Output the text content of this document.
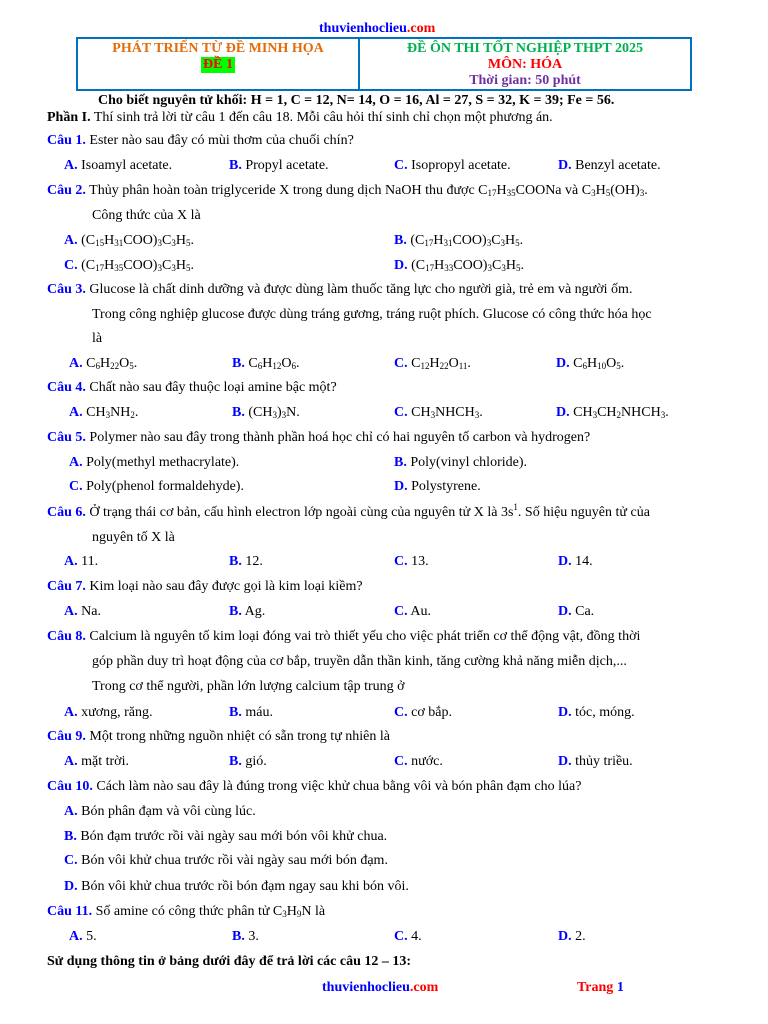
thuvienhoclieu.com
PHÁT TRIỂN TỪ ĐỀ MINH HỌA
ĐỀ 1
ĐỀ ÔN THI TỐT NGHIỆP THPT 2025
MÔN: HÓA
Thời gian: 50 phút
Cho biết nguyên tử khối: H = 1, C = 12, N= 14, O = 16, Al = 27, S = 32, K = 39; Fe = 56.
Phần I. Thí sinh trả lời từ câu 1 đến câu 18. Mỗi câu hỏi thí sinh chỉ chọn một phương án.
Câu 1. Ester nào sau đây có mùi thơm của chuối chín?
A. Isoamyl acetate.	B. Propyl acetate.	C. Isopropyl acetate.	D. Benzyl acetate.
Câu 2. Thủy phân hoàn toàn triglyceride X trong dung dịch NaOH thu được $C_{17}H_{35}COONa$ và $C_3H_5(OH)_3$.
Công thức của X là
A. $(C_{15}H_{31}COO)_3C_3H_5$.	B. $(C_{17}H_{31}COO)_3C_3H_5$.
C. $(C_{17}H_{35}COO)_3C_3H_5$.	D. $(C_{17}H_{33}COO)_3C_3H_5$.
Câu 3. Glucose là chất dinh dưỡng và được dùng làm thuốc tăng lực cho người già, trẻ em và người ốm.
Trong công nghiệp glucose được dùng tráng gương, tráng ruột phích. Glucose có công thức hóa học
là
A. $C_6H_{22}O_5$.	B. $C_6H_{12}O_6$.	C. $C_{12}H_{22}O_{11}$.	D. $C_6H_{10}O_5$.
Câu 4. Chất nào sau đây thuộc loại amine bậc một?
A. $CH_3NH_2$.	B. $(CH_3)_3N$.	C. $CH_3NHCH_3$.	D. $CH_3CH_2NHCH_3$.
Câu 5. Polymer nào sau đây trong thành phần hoá học chỉ có hai nguyên tố carbon và hydrogen?
A. Poly(methyl methacrylate).	B. Poly(vinyl chloride).
C. Poly(phenol formaldehyde).	D. Polystyrene.
Câu 6. Ở trạng thái cơ bản, cấu hình electron lớp ngoài cùng của nguyên tử X là $3s^1$. Số hiệu nguyên tử của
nguyên tố X là
A. 11.	B. 12.	C. 13.	D. 14.
Câu 7. Kim loại nào sau đây được gọi là kim loại kiềm?
A. Na.	B. Ag.	C. Au.	D. Ca.
Câu 8. Calcium là nguyên tố kim loại đóng vai trò thiết yếu cho việc phát triển cơ thể động vật, đồng thời
góp phần duy trì hoạt động của cơ bắp, truyền dẫn thần kinh, tăng cường khả năng miễn dịch,...
Trong cơ thể người, phần lớn lượng calcium tập trung ở
A. xương, răng.	B. máu.	C. cơ bắp.	D. tóc, móng.
Câu 9. Một trong những nguồn nhiệt có sẵn trong tự nhiên là
A. mặt trời.	B. gió.	C. nước.	D. thủy triều.
Câu 10. Cách làm nào sau đây là đúng trong việc khử chua bằng vôi và bón phân đạm cho lúa?
A. Bón phân đạm và vôi cùng lúc.
B. Bón đạm trước rồi vài ngày sau mới bón vôi khử chua.
C. Bón vôi khử chua trước rồi vài ngày sau mới bón đạm.
D. Bón vôi khử chua trước rồi bón đạm ngay sau khi bón vôi.
Câu 11. Số amine có công thức phân tử $C_3H_9N$ là
A. 5.	B. 3.	C. 4.	D. 2.
Sử dụng thông tin ở bảng dưới đây để trả lời các câu 12 – 13:
thuvienhoclieu.com	Trang 1
